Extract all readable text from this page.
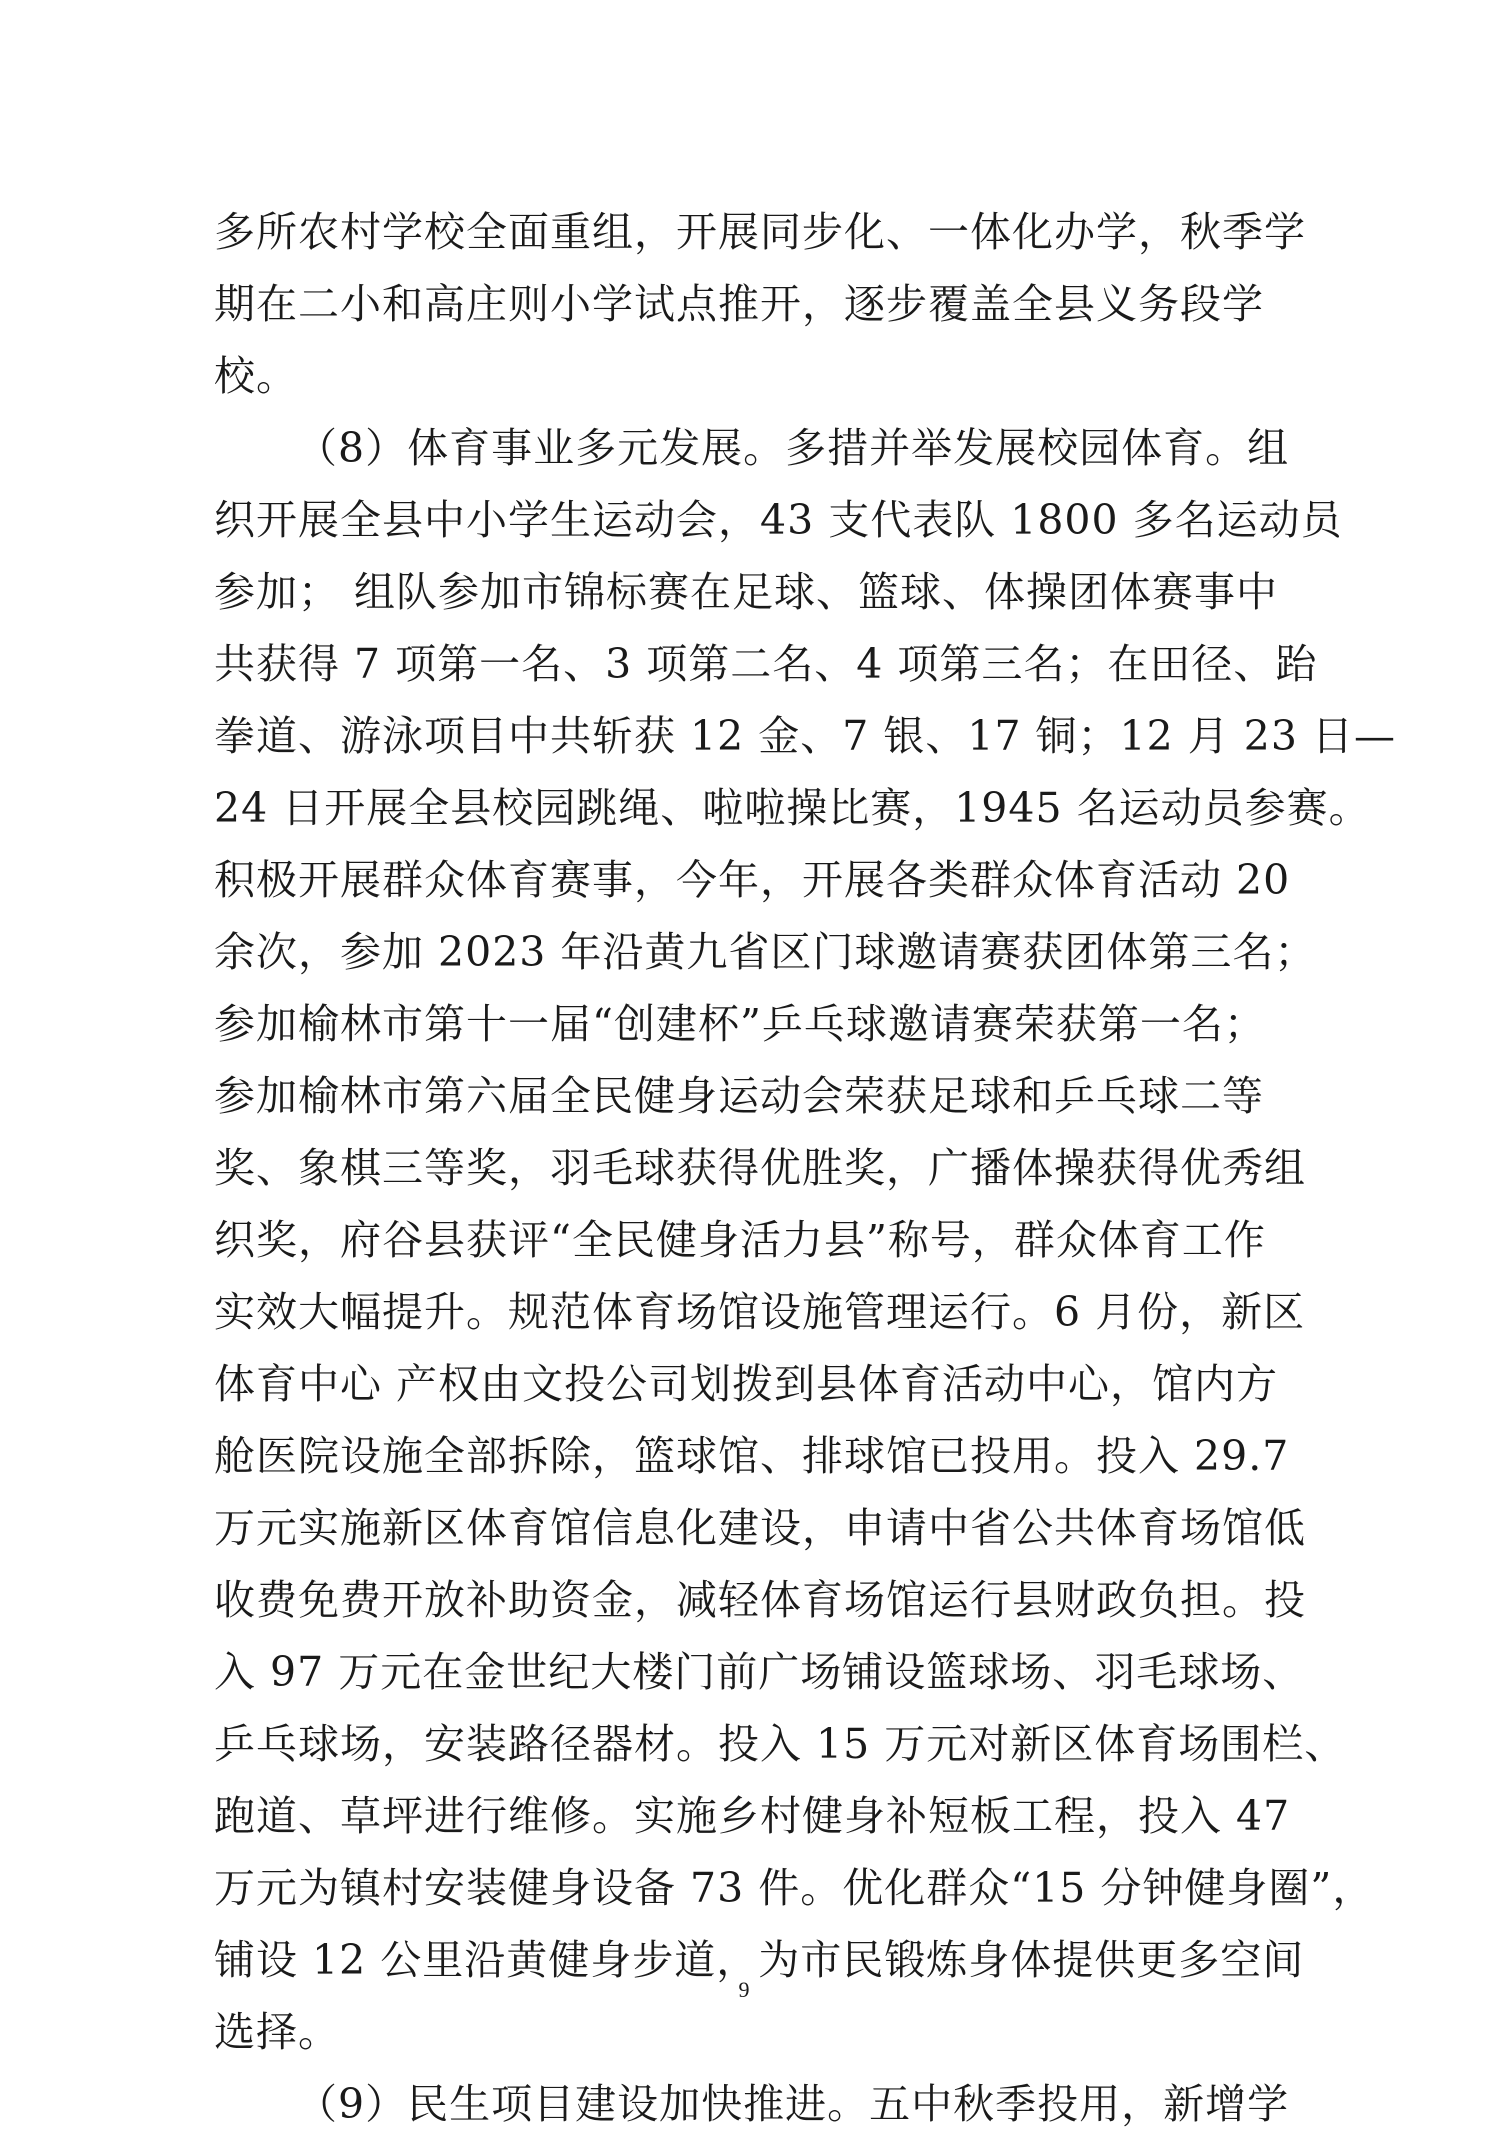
多所农村学校全面重组，开展同步化、一体化办学，秋季学
期在二小和高庄则小学试点推开，逐步覆盖全县义务段学
校。
（8）体育事业多元发展。多措并举发展校园体育。组
织开展全县中小学生运动会，43 支代表队 1800 多名运动员
参加； 组队参加市锦标赛在足球、篮球、体操团体赛事中
共获得 7 项第一名、3 项第二名、4 项第三名；在田径、跆
拳道、游泳项目中共斩获 12 金、7 银、17 铜；12 月 23 日—
24 日开展全县校园跳绳、啦啦操比赛，1945 名运动员参赛。
积极开展群众体育赛事，今年，开展各类群众体育活动 20
余次，参加 2023 年沿黄九省区门球邀请赛获团体第三名；
参加榆林市第十一届“创建杯”乒乓球邀请赛荣获第一名；
参加榆林市第六届全民健身运动会荣获足球和乒乓球二等
奖、象棋三等奖，羽毛球获得优胜奖，广播体操获得优秀组
织奖，府谷县获评“全民健身活力县”称号，群众体育工作
实效大幅提升。规范体育场馆设施管理运行。6 月份，新区
体育中心 产权由文投公司划拨到县体育活动中心，馆内方
舱医院设施全部拆除，篮球馆、排球馆已投用。投入 29.7
万元实施新区体育馆信息化建设，申请中省公共体育场馆低
收费免费开放补助资金，减轻体育场馆运行县财政负担。投
入 97 万元在金世纪大楼门前广场铺设篮球场、羽毛球场、
乒乓球场，安装路径器材。投入 15 万元对新区体育场围栏、
跑道、草坪进行维修。实施乡村健身补短板工程，投入 47
万元为镇村安装健身设备 73 件。优化群众“15 分钟健身圈”，
铺设 12 公里沿黄健身步道，为市民锻炼身体提供更多空间
选择。
（9）民生项目建设加快推进。五中秋季投用，新增学
9
